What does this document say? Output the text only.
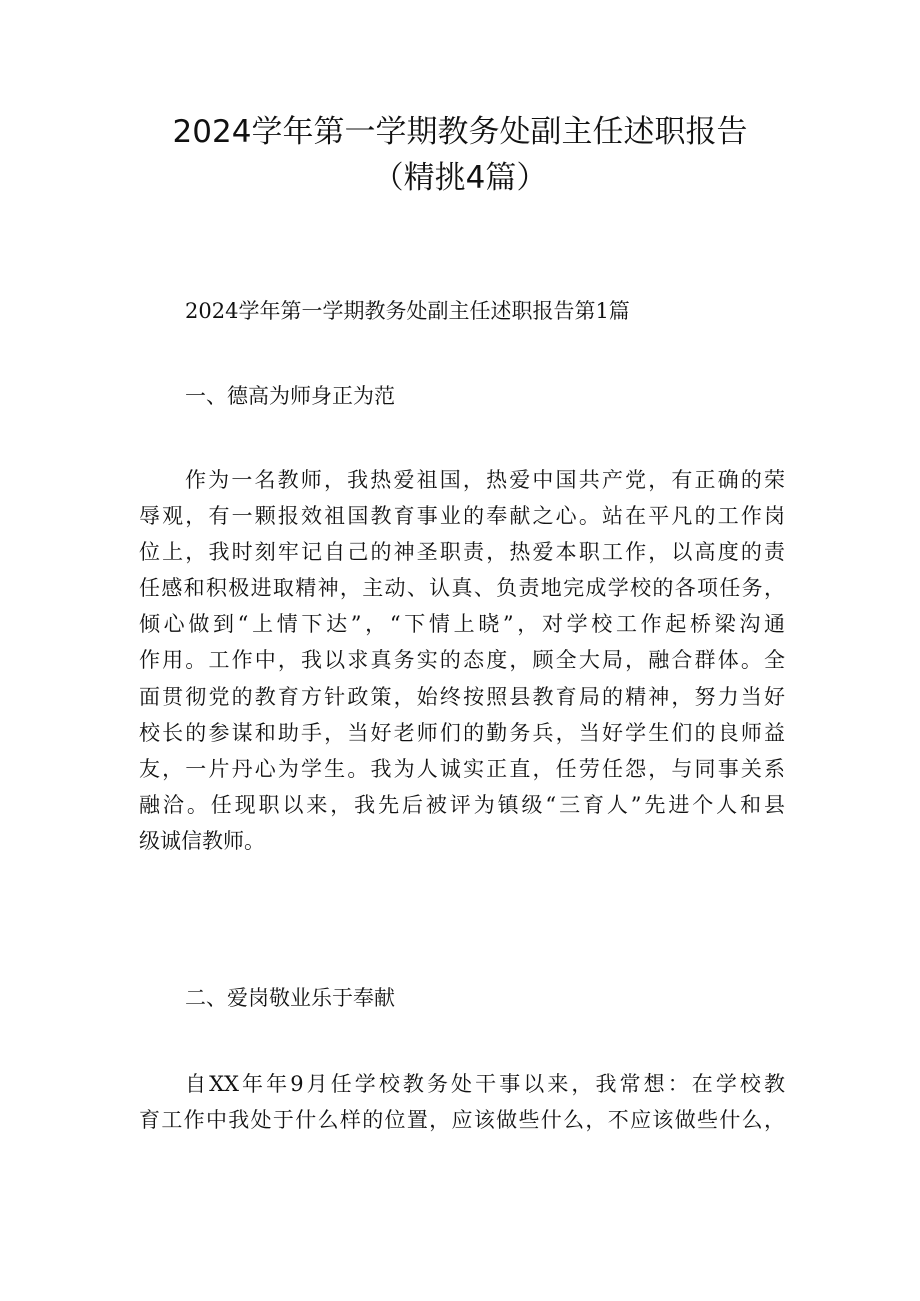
2024学年第一学期教务处副主任述职报告
（精挑4篇）
2024学年第一学期教务处副主任述职报告第1篇
一、德高为师身正为范
作为一名教师，我热爱祖国，热爱中国共产党，有正确的荣
辱观，有一颗报效祖国教育事业的奉献之心。站在平凡的工作岗
位上，我时刻牢记自己的神圣职责，热爱本职工作，以高度的责
任感和积极进取精神，主动、认真、负责地完成学校的各项任务，
倾心做到“上情下达”，“下情上晓”，对学校工作起桥梁沟通
作用。工作中，我以求真务实的态度，顾全大局，融合群体。全
面贯彻党的教育方针政策，始终按照县教育局的精神，努力当好
校长的参谋和助手，当好老师们的勤务兵，当好学生们的良师益
友，一片丹心为学生。我为人诚实正直，任劳任怨，与同事关系
融洽。任现职以来，我先后被评为镇级“三育人”先进个人和县
级诚信教师。
二、爱岗敬业乐于奉献
自XX年年9月任学校教务处干事以来，我常想：在学校教
育工作中我处于什么样的位置，应该做些什么，不应该做些什么，
